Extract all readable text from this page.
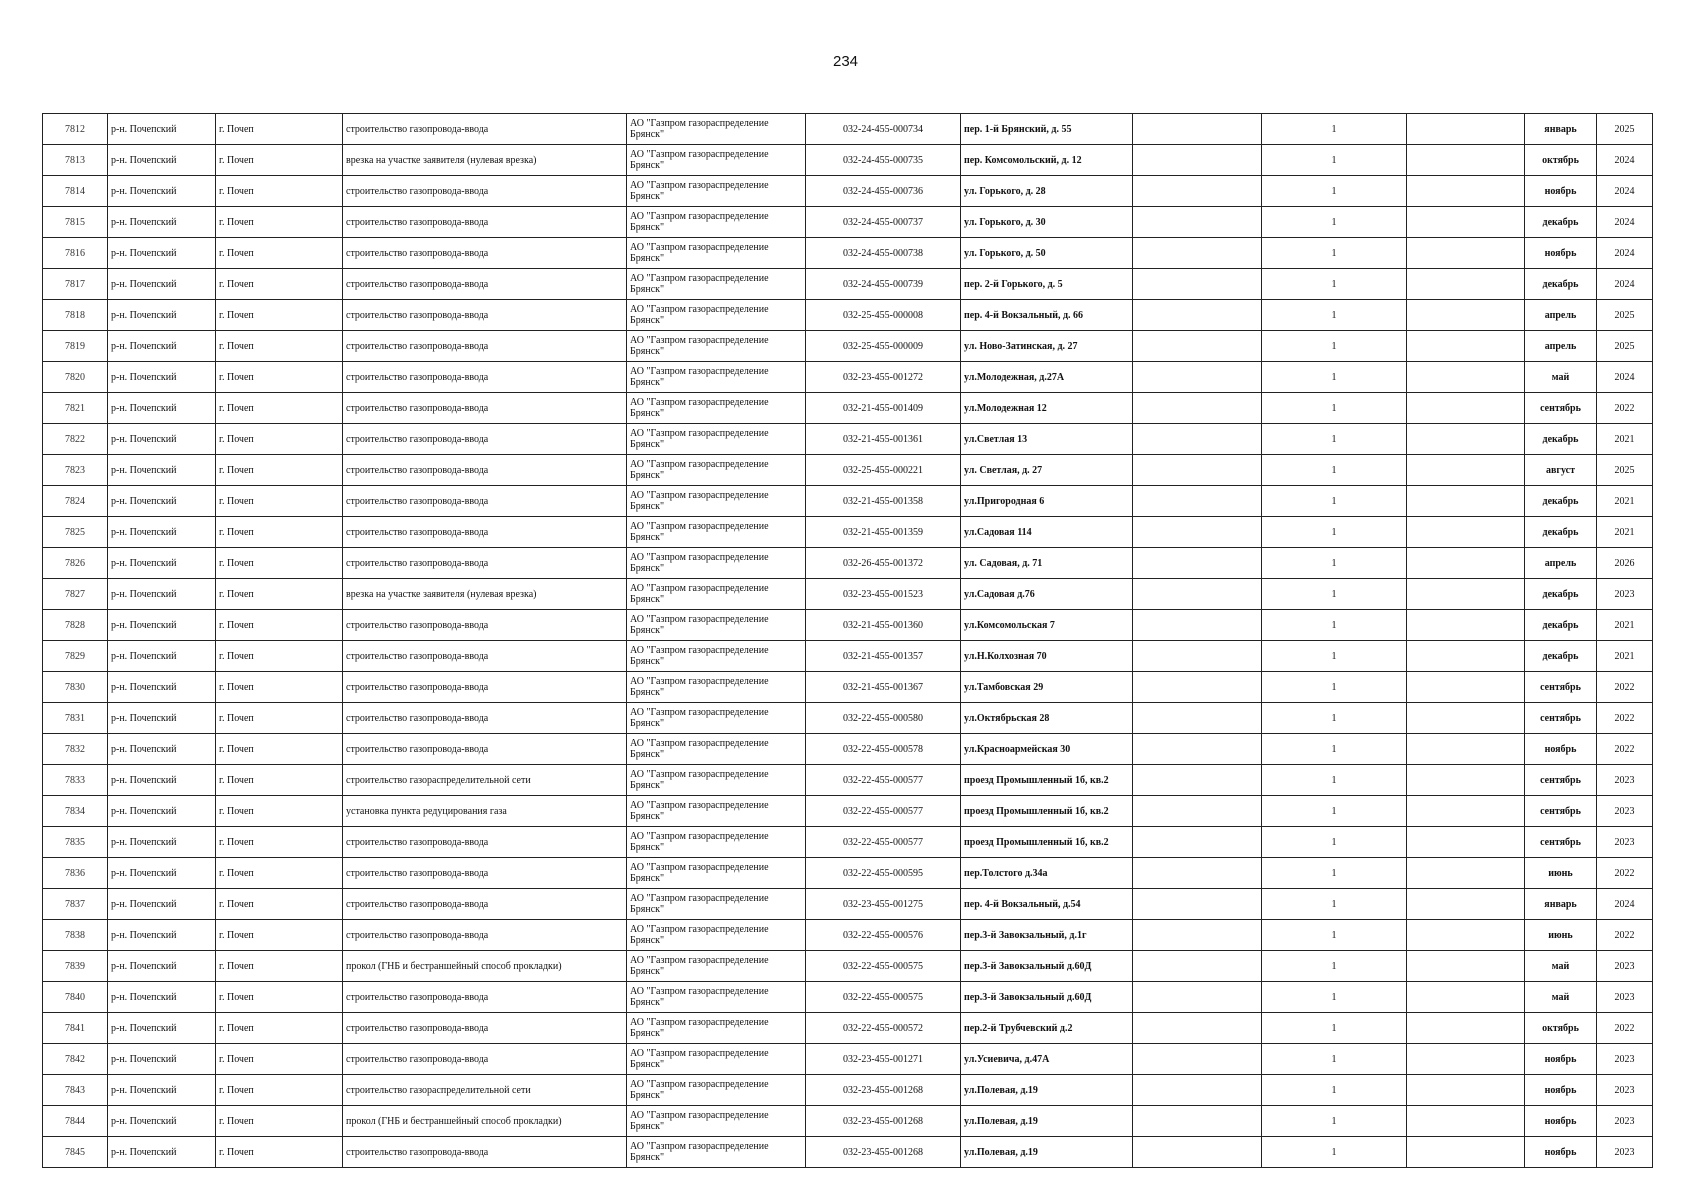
234
7812	р-н. Почепский	г. Почеп	строительство газопровода-ввода	АО "Газпром газораспределение
Брянск"	032-24-455-000734	пер. 1-й Брянский, д. 55		1		январь	2025
7813	р-н. Почепский	г. Почеп	врезка на участке заявителя (нулевая врезка)	АО "Газпром газораспределение
Брянск"	032-24-455-000735	пер. Комсомольский, д. 12		1		октябрь	2024
7814	р-н. Почепский	г. Почеп	строительство газопровода-ввода	АО "Газпром газораспределение
Брянск"	032-24-455-000736	ул. Горького, д. 28		1		ноябрь	2024
7815	р-н. Почепский	г. Почеп	строительство газопровода-ввода	АО "Газпром газораспределение
Брянск"	032-24-455-000737	ул. Горького, д. 30		1		декабрь	2024
7816	р-н. Почепский	г. Почеп	строительство газопровода-ввода	АО "Газпром газораспределение
Брянск"	032-24-455-000738	ул. Горького, д. 50		1		ноябрь	2024
7817	р-н. Почепский	г. Почеп	строительство газопровода-ввода	АО "Газпром газораспределение
Брянск"	032-24-455-000739	пер. 2-й Горького, д. 5		1		декабрь	2024
7818	р-н. Почепский	г. Почеп	строительство газопровода-ввода	АО "Газпром газораспределение
Брянск"	032-25-455-000008	пер. 4-й Вокзальный, д. 66		1		апрель	2025
7819	р-н. Почепский	г. Почеп	строительство газопровода-ввода	АО "Газпром газораспределение
Брянск"	032-25-455-000009	ул. Ново-Затинская, д. 27		1		апрель	2025
7820	р-н. Почепский	г. Почеп	строительство газопровода-ввода	АО "Газпром газораспределение
Брянск"	032-23-455-001272	ул.Молодежная, д.27А		1		май	2024
7821	р-н. Почепский	г. Почеп	строительство газопровода-ввода	АО "Газпром газораспределение
Брянск"	032-21-455-001409	ул.Молодежная 12		1		сентябрь	2022
7822	р-н. Почепский	г. Почеп	строительство газопровода-ввода	АО "Газпром газораспределение
Брянск"	032-21-455-001361	ул.Светлая 13		1		декабрь	2021
7823	р-н. Почепский	г. Почеп	строительство газопровода-ввода	АО "Газпром газораспределение
Брянск"	032-25-455-000221	ул. Светлая, д. 27		1		август	2025
7824	р-н. Почепский	г. Почеп	строительство газопровода-ввода	АО "Газпром газораспределение
Брянск"	032-21-455-001358	ул.Пригородная 6		1		декабрь	2021
7825	р-н. Почепский	г. Почеп	строительство газопровода-ввода	АО "Газпром газораспределение
Брянск"	032-21-455-001359	ул.Садовая 114		1		декабрь	2021
7826	р-н. Почепский	г. Почеп	строительство газопровода-ввода	АО "Газпром газораспределение
Брянск"	032-26-455-001372	ул. Садовая, д. 71		1		апрель	2026
7827	р-н. Почепский	г. Почеп	врезка на участке заявителя (нулевая врезка)	АО "Газпром газораспределение
Брянск"	032-23-455-001523	ул.Садовая д.76		1		декабрь	2023
7828	р-н. Почепский	г. Почеп	строительство газопровода-ввода	АО "Газпром газораспределение
Брянск"	032-21-455-001360	ул.Комсомольская 7		1		декабрь	2021
7829	р-н. Почепский	г. Почеп	строительство газопровода-ввода	АО "Газпром газораспределение
Брянск"	032-21-455-001357	ул.Н.Колхозная 70		1		декабрь	2021
7830	р-н. Почепский	г. Почеп	строительство газопровода-ввода	АО "Газпром газораспределение
Брянск"	032-21-455-001367	ул.Тамбовская 29		1		сентябрь	2022
7831	р-н. Почепский	г. Почеп	строительство газопровода-ввода	АО "Газпром газораспределение
Брянск"	032-22-455-000580	ул.Октябрьская 28		1		сентябрь	2022
7832	р-н. Почепский	г. Почеп	строительство газопровода-ввода	АО "Газпром газораспределение
Брянск"	032-22-455-000578	ул.Красноармейская 30		1		ноябрь	2022
7833	р-н. Почепский	г. Почеп	строительство газораспределительной сети	АО "Газпром газораспределение
Брянск"	032-22-455-000577	проезд Промышленный 1б, кв.2		1		сентябрь	2023
7834	р-н. Почепский	г. Почеп	установка пункта редуцирования газа	АО "Газпром газораспределение
Брянск"	032-22-455-000577	проезд Промышленный 1б, кв.2		1		сентябрь	2023
7835	р-н. Почепский	г. Почеп	строительство газопровода-ввода	АО "Газпром газораспределение
Брянск"	032-22-455-000577	проезд Промышленный 1б, кв.2		1		сентябрь	2023
7836	р-н. Почепский	г. Почеп	строительство газопровода-ввода	АО "Газпром газораспределение
Брянск"	032-22-455-000595	пер.Толстого д.34а		1		июнь	2022
7837	р-н. Почепский	г. Почеп	строительство газопровода-ввода	АО "Газпром газораспределение
Брянск"	032-23-455-001275	пер. 4-й Вокзальный, д.54		1		январь	2024
7838	р-н. Почепский	г. Почеп	строительство газопровода-ввода	АО "Газпром газораспределение
Брянск"	032-22-455-000576	пер.3-й Завокзальный, д.1г		1		июнь	2022
7839	р-н. Почепский	г. Почеп	прокол (ГНБ и бестраншейный способ прокладки)	АО "Газпром газораспределение
Брянск"	032-22-455-000575	пер.3-й Завокзальный д.60Д		1		май	2023
7840	р-н. Почепский	г. Почеп	строительство газопровода-ввода	АО "Газпром газораспределение
Брянск"	032-22-455-000575	пер.3-й Завокзальный д.60Д		1		май	2023
7841	р-н. Почепский	г. Почеп	строительство газопровода-ввода	АО "Газпром газораспределение
Брянск"	032-22-455-000572	пер.2-й Трубчевский д.2		1		октябрь	2022
7842	р-н. Почепский	г. Почеп	строительство газопровода-ввода	АО "Газпром газораспределение
Брянск"	032-23-455-001271	ул.Усиевича, д.47А		1		ноябрь	2023
7843	р-н. Почепский	г. Почеп	строительство газораспределительной сети	АО "Газпром газораспределение
Брянск"	032-23-455-001268	ул.Полевая, д.19		1		ноябрь	2023
7844	р-н. Почепский	г. Почеп	прокол (ГНБ и бестраншейный способ прокладки)	АО "Газпром газораспределение
Брянск"	032-23-455-001268	ул.Полевая, д.19		1		ноябрь	2023
7845	р-н. Почепский	г. Почеп	строительство газопровода-ввода	АО "Газпром газораспределение
Брянск"	032-23-455-001268	ул.Полевая, д.19		1		ноябрь	2023
